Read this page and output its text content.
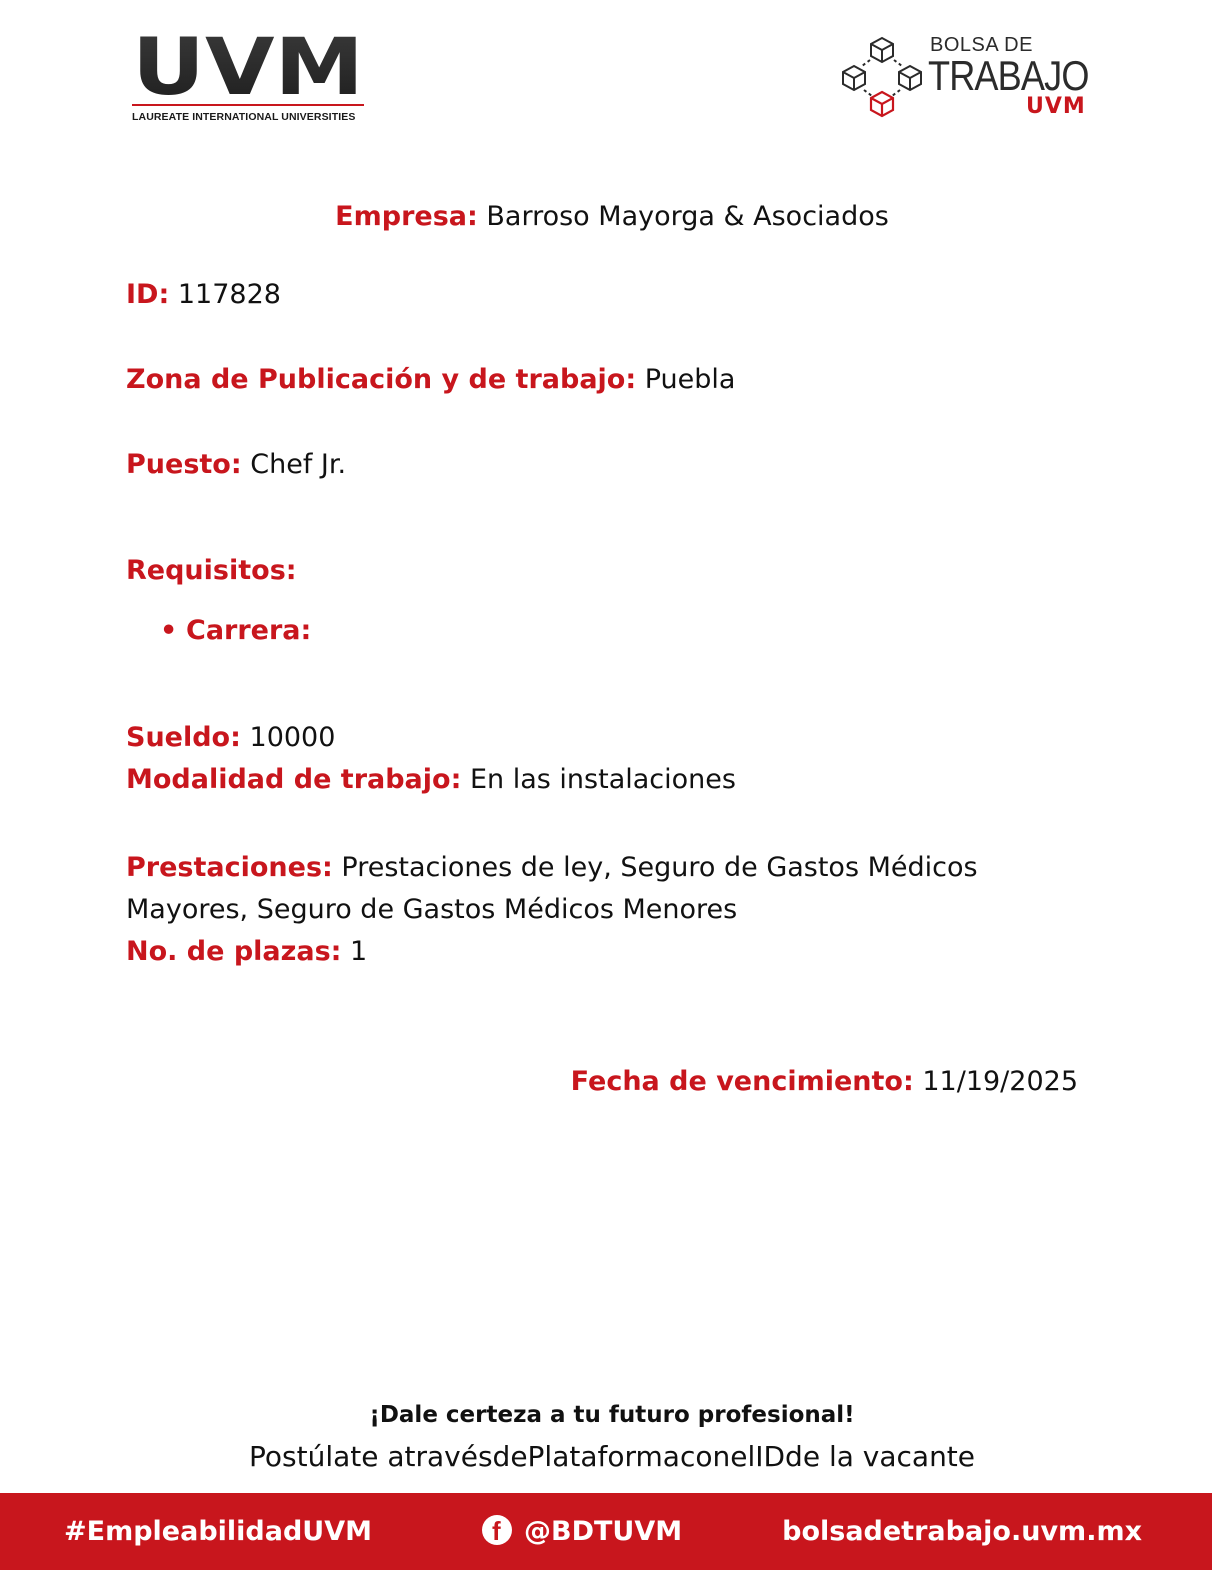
UVM
LAUREATE INTERNATIONAL UNIVERSITIES
BOLSA DE
TRABAJO
UVM
Empresa: Barroso Mayorga & Asociados
ID: 117828
Zona de Publicación y de trabajo: Puebla
Puesto: Chef Jr.
Requisitos:
• Carrera:
Sueldo: 10000
Modalidad de trabajo: En las instalaciones
Prestaciones: Prestaciones de ley, Seguro de Gastos Médicos Mayores, Seguro de Gastos Médicos Menores
No. de plazas: 1
Fecha de vencimiento: 11/19/2025
¡Dale certeza a tu futuro profesional!
Postúlate atravésdePlataformaconelIDde la vacante
#EmpleabilidadUVM	f @BDTUVM	bolsadetrabajo.uvm.mx
